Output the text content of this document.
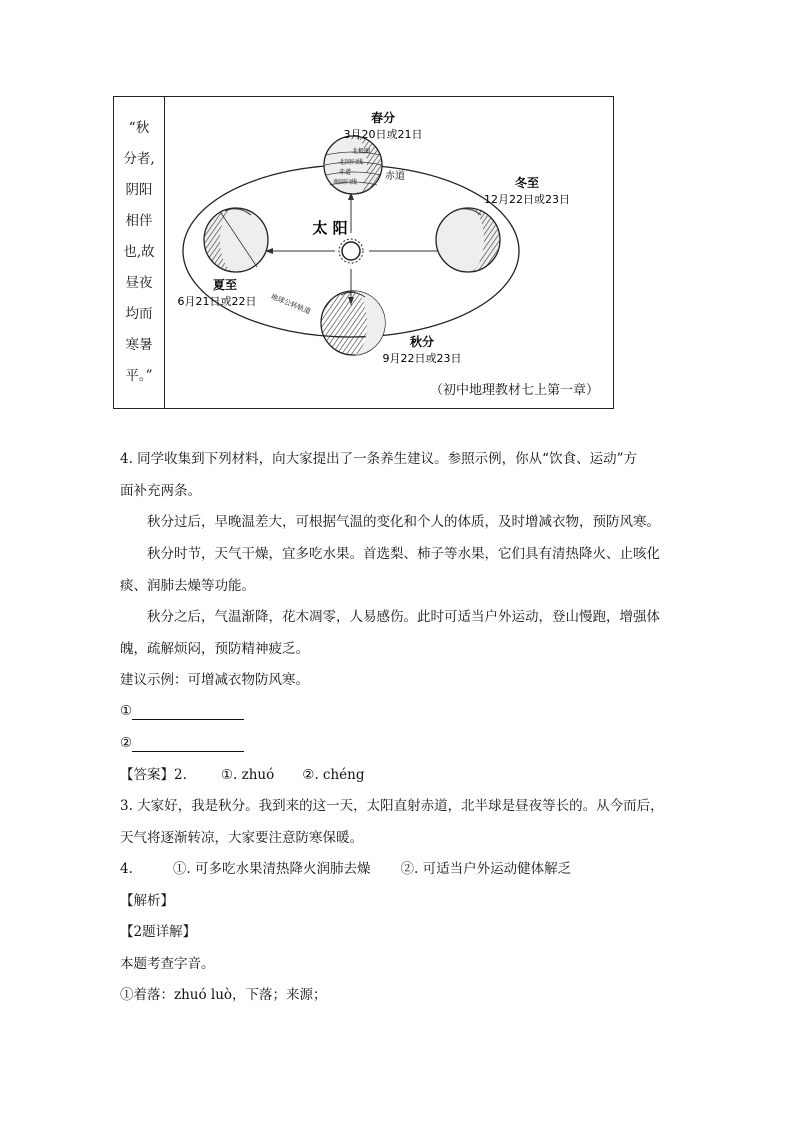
“秋
分者,
阴阳
相伴
也,故
昼夜
均而
寒暑
平。”
北极圈
北回归线
赤道
南回归线
春分
3月20日或21日
冬至
12月22日或23日
夏至
6月21日或22日
秋分
9月22日或23日
太 阳
赤道
地球公转轨道
（初中地理教材七上第一章）
4. 同学收集到下列材料，向大家提出了一条养生建议。参照示例，你从“饮食、运动”方
面补充两条。
秋分过后，早晚温差大，可根据气温的变化和个人的体质，及时增减衣物，预防风寒。
秋分时节，天气干燥，宜多吃水果。首选梨、柿子等水果，它们具有清热降火、止咳化
痰、润肺去燥等功能。
秋分之后，气温渐降，花木凋零，人易感伤。此时可适当户外运动，登山慢跑，增强体
魄，疏解烦闷，预防精神疲乏。
建议示例：可增减衣物防风寒。
①
②
【答案】2.	①. zhuó ②. chéng
3. 大家好，我是秋分。我到来的这一天，太阳直射赤道，北半球是昼夜等长的。从今而后，
天气将逐渐转凉，大家要注意防寒保暖。
4.	①. 可多吃水果清热降火润肺去燥 ②. 可适当户外运动健体解乏
【解析】
【2题详解】
本题考查字音。
①着落：zhuó luò，下落；来源；
